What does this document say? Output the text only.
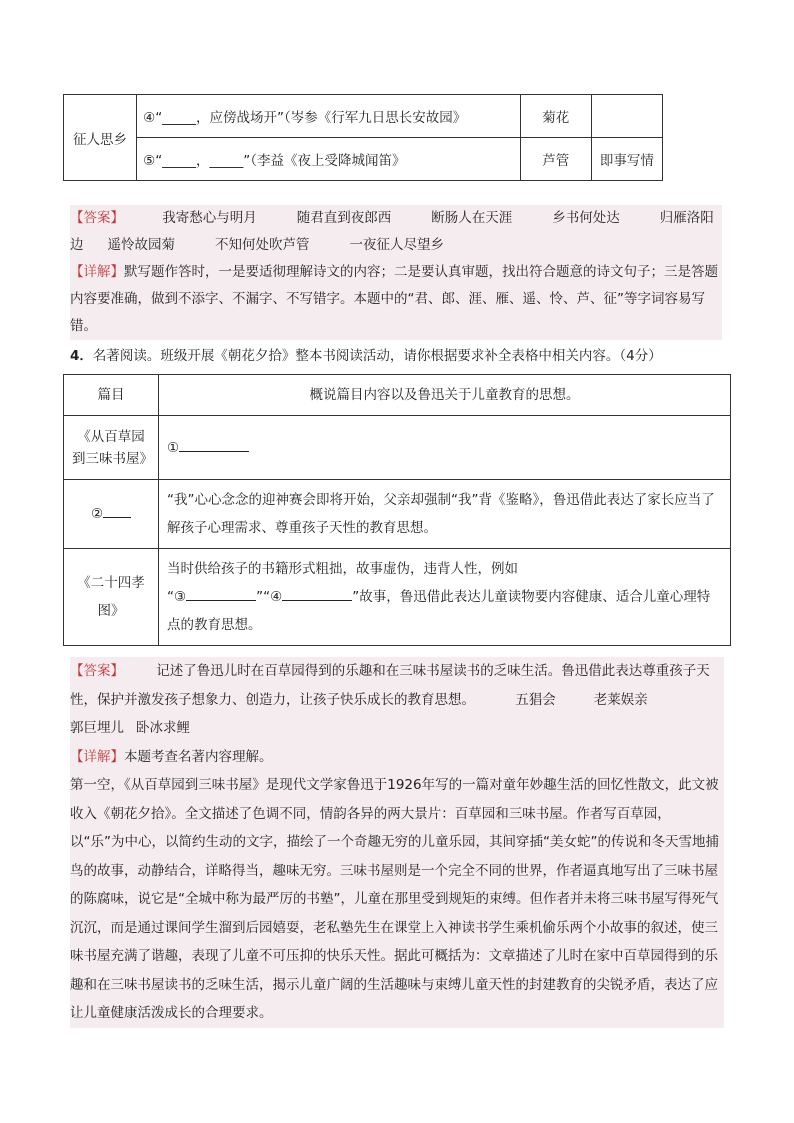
征人思乡	④“_____，应傍战场开”（岑参《行军九日思长安故园》	菊花	
	⑤“_____，_____”（李益《夜上受降城闻笛》	芦管	即事写情
【答案】	我寄愁心与明月	随君直到夜郎西	断肠人在天涯	乡书何处达	归雁洛阳边 遥怜故园菊	不知何处吹芦管	一夜征人尽望乡
【详解】默写题作答时，一是要适彻理解诗文的内容；二是要认真审题，找出符合题意的诗文句子；三是答题内容要准确，做到不添字、不漏字、不写错字。本题中的“君、郎、涯、雁、遥、怜、芦、征”等字词容易写错。
4．名著阅读。班级开展《朝花夕拾》整本书阅读活动，请你根据要求补全表格中相关内容。（4分）
篇目	概说篇目内容以及鲁迅关于儿童教育的思想。
《从百草园到三味书屋》	①
②	“我”心心念念的迎神赛会即将开始，父亲却强制“我”背《鉴略》，鲁迅借此表达了家长应当了解孩子心理需求、尊重孩子天性的教育思想。
《二十四孝图》	当时供给孩子的书籍形式粗拙，故事虚伪，违背人性，例如
“③ ”“④ ”故事，鲁迅借此表达儿童读物要内容健康、适合儿童心理特点的教育思想。
【答案】 记述了鲁迅儿时在百草园得到的乐趣和在三味书屋读书的乏味生活。鲁迅借此表达尊重孩子天性，保护并激发孩子想象力、创造力，让孩子快乐成长的教育思想。	五猖会	老莱娱亲
郭巨埋儿 卧冰求鲤
【详解】本题考查名著内容理解。
第一空，《从百草园到三味书屋》是现代文学家鲁迅于1926年写的一篇对童年妙趣生活的回忆性散文，此文被收入《朝花夕拾》。全文描述了色调不同，情韵各异的两大景片：百草园和三味书屋。作者写百草园，以“乐”为中心，以简约生动的文字，描绘了一个奇趣无穷的儿童乐园，其间穿插“美女蛇”的传说和冬天雪地捕鸟的故事，动静结合，详略得当，趣味无穷。三味书屋则是一个完全不同的世界，作者逼真地写出了三味书屋的陈腐味，说它是“全城中称为最严厉的书塾”，儿童在那里受到规矩的束缚。但作者并未将三味书屋写得死气沉沉，而是通过课间学生溜到后园嬉耍，老私塾先生在课堂上入神读书学生乘机偷乐两个小故事的叙述，使三味书屋充满了谐趣，表现了儿童不可压抑的快乐天性。据此可概括为：文章描述了儿时在家中百草园得到的乐趣和在三味书屋读书的乏味生活，揭示儿童广阔的生活趣味与束缚儿童天性的封建教育的尖锐矛盾，表达了应让儿童健康活泼成长的合理要求。
